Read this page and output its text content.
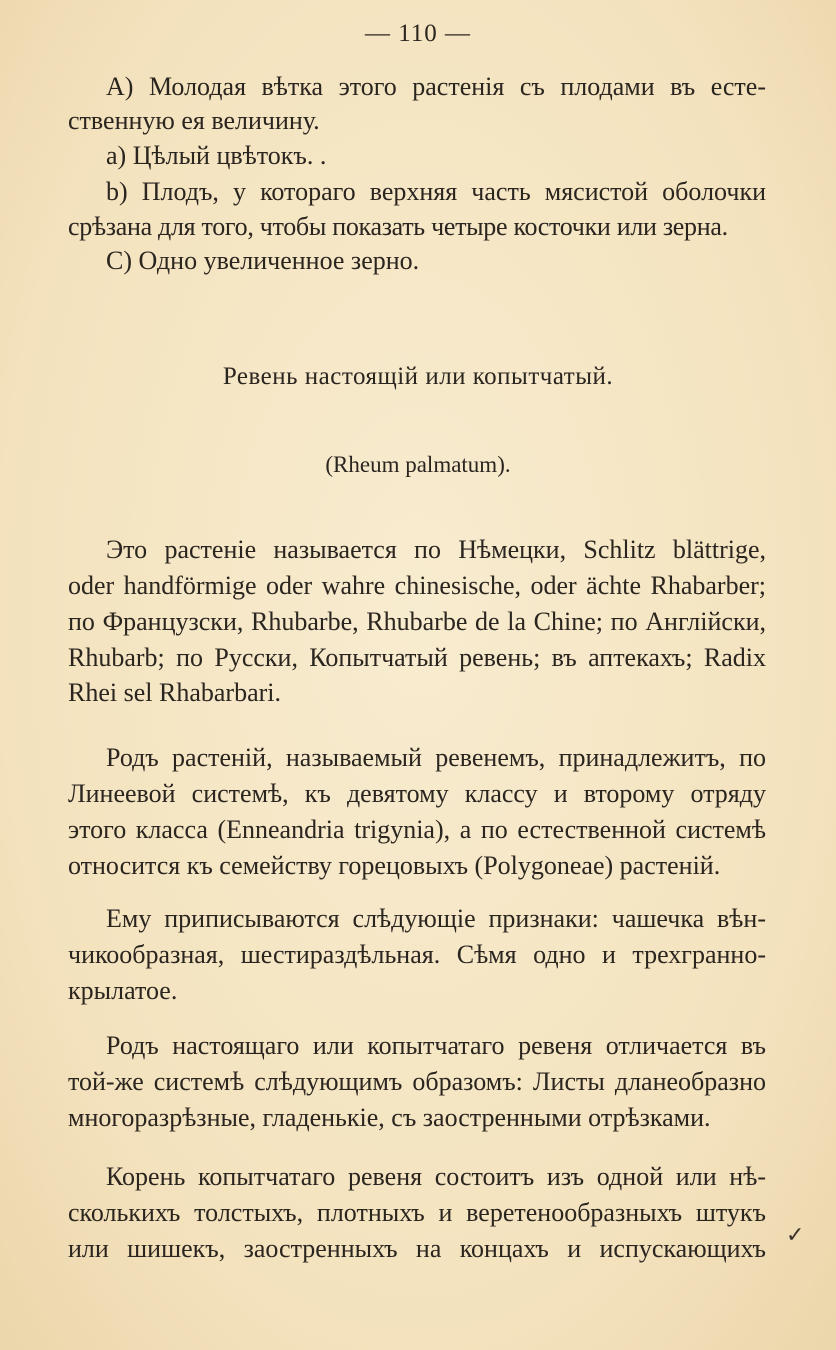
— 110 —
A) Молодая вѣтка этого растенія съ плодами въ есте-
ственную ея величину.
а) Цѣлый цвѣтокъ. .
b) Плодъ, у котораго верхняя часть мясистой оболочки
срѣзана для того, чтобы показать четыре косточки или зерна.
C) Одно увеличенное зерно.
Ревень настоящій или копытчатый.
(Rheum palmatum).
Это растеніе называется по Нѣмецки, Schlitz blättrige,
oder handförmige oder wahre chinesische, oder ächte Rhabarber;
по Французски, Rhubarbe, Rhubarbe de la Chine; по Англійски,
Rhubarb; по Русски, Копытчатый ревень; въ аптекахъ; Radix
Rhei sel Rhabarbari.
Родъ растеній, называемый ревенемъ, принадлежитъ, по
Линеевой системѣ, къ девятому классу и второму отряду
этого класса (Enneandria trigynia), а по естественной системѣ
относится къ семейству горецовыхъ (Polygoneae) растеній.
Ему приписываются слѣдующіе признаки: чашечка вѣн-
чикообразная, шестираздѣльная. Сѣмя одно и трехгранно-
крылатое.
Родъ настоящаго или копытчатаго ревеня отличается въ
той-же системѣ слѣдующимъ образомъ: Листы дланеобразно
многоразрѣзные, гладенькіе, съ заостренными отрѣзками.
Корень копытчатаго ревеня состоитъ изъ одной или нѣ-
сколькихъ толстыхъ, плотныхъ и веретенообразныхъ штукъ
или шишекъ, заостренныхъ на концахъ и испускающихъ ✓
